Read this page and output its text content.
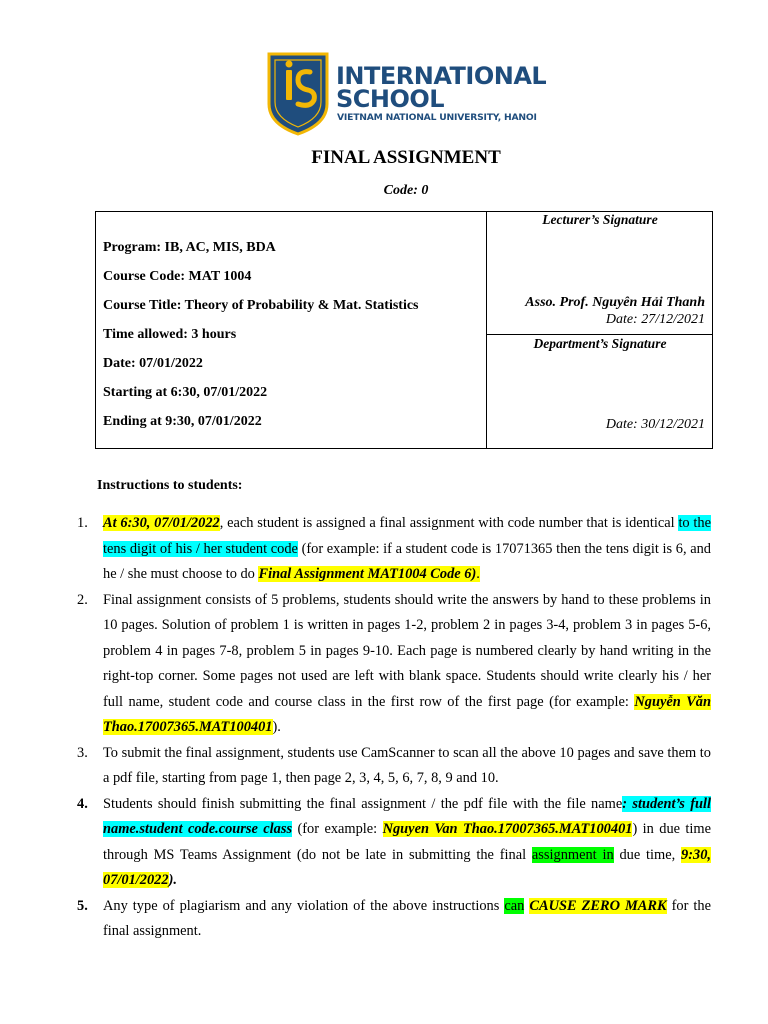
INTERNATIONAL
SCHOOL
VIETNAM NATIONAL UNIVERSITY, HANOI
FINAL ASSIGNMENT
Code: 0
Program: IB, AC, MIS, BDA
Course Code: MAT 1004
Course Title: Theory of Probability & Mat. Statistics
Time allowed: 3 hours
Date: 07/01/2022
Starting at 6:30, 07/01/2022
Ending at 9:30, 07/01/2022
Lecturer’s Signature
Asso. Prof. Nguyên Hải Thanh
Date: 27/12/2021
Department’s Signature
Date: 30/12/2021
Instructions to students:
1. At 6:30, 07/01/2022, each student is assigned a final assignment with code number that is identical to the tens digit of his / her student code (for example: if a student code is 17071365 then the tens digit is 6, and he / she must choose to do Final Assignment MAT1004 Code 6).
2. Final assignment consists of 5 problems, students should write the answers by hand to these problems in 10 pages. Solution of problem 1 is written in pages 1-2, problem 2 in pages 3-4, problem 3 in pages 5-6, problem 4 in pages 7-8, problem 5 in pages 9-10. Each page is numbered clearly by hand writing in the right-top corner. Some pages not used are left with blank space. Students should write clearly his / her full name, student code and course class in the first row of the first page (for example: Nguyễn Văn Thao.17007365.MAT100401).
3. To submit the final assignment, students use CamScanner to scan all the above 10 pages and save them to a pdf file, starting from page 1, then page 2, 3, 4, 5, 6, 7, 8, 9 and 10.
4. Students should finish submitting the final assignment / the pdf file with the file name: student’s full name.student code.course class (for example: Nguyen Van Thao.17007365.MAT100401) in due time through MS Teams Assignment (do not be late in submitting the final assignment in due time, 9:30, 07/01/2022).
5. Any type of plagiarism and any violation of the above instructions can CAUSE ZERO MARK for the final assignment.
